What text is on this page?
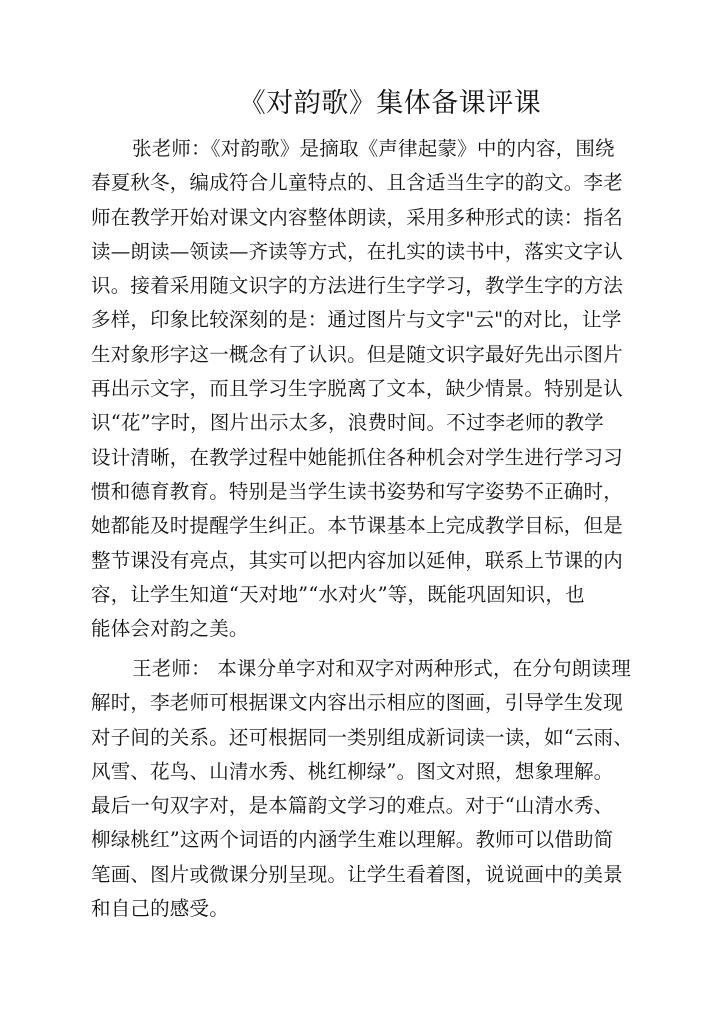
《对韵歌》集体备课评课
张老师：《对韵歌》是摘取《声律起蒙》中的内容，围绕
春夏秋冬，编成符合儿童特点的、且含适当生字的韵文。李老
师在教学开始对课文内容整体朗读，采用多种形式的读：指名
读—朗读—领读—齐读等方式，在扎实的读书中，落实文字认
识。接着采用随文识字的方法进行生字学习，教学生字的方法
多样，印象比较深刻的是：通过图片与文字"云"的对比，让学
生对象形字这一概念有了认识。但是随文识字最好先出示图片
再出示文字，而且学习生字脱离了文本，缺少情景。特别是认
识“花”字时，图片出示太多，浪费时间。不过李老师的教学
设计清晰，在教学过程中她能抓住各种机会对学生进行学习习
惯和德育教育。特别是当学生读书姿势和写字姿势不正确时，
她都能及时提醒学生纠正。本节课基本上完成教学目标，但是
整节课没有亮点，其实可以把内容加以延伸，联系上节课的内
容，让学生知道“天对地”“水对火”等，既能巩固知识，也
能体会对韵之美。
王老师： 本课分单字对和双字对两种形式，在分句朗读理
解时，李老师可根据课文内容出示相应的图画，引导学生发现
对子间的关系。还可根据同一类别组成新词读一读，如“云雨、
风雪、花鸟、山清水秀、桃红柳绿”。图文对照，想象理解。
最后一句双字对，是本篇韵文学习的难点。对于“山清水秀、
柳绿桃红”这两个词语的内涵学生难以理解。教师可以借助简
笔画、图片或微课分别呈现。让学生看着图，说说画中的美景
和自己的感受。
